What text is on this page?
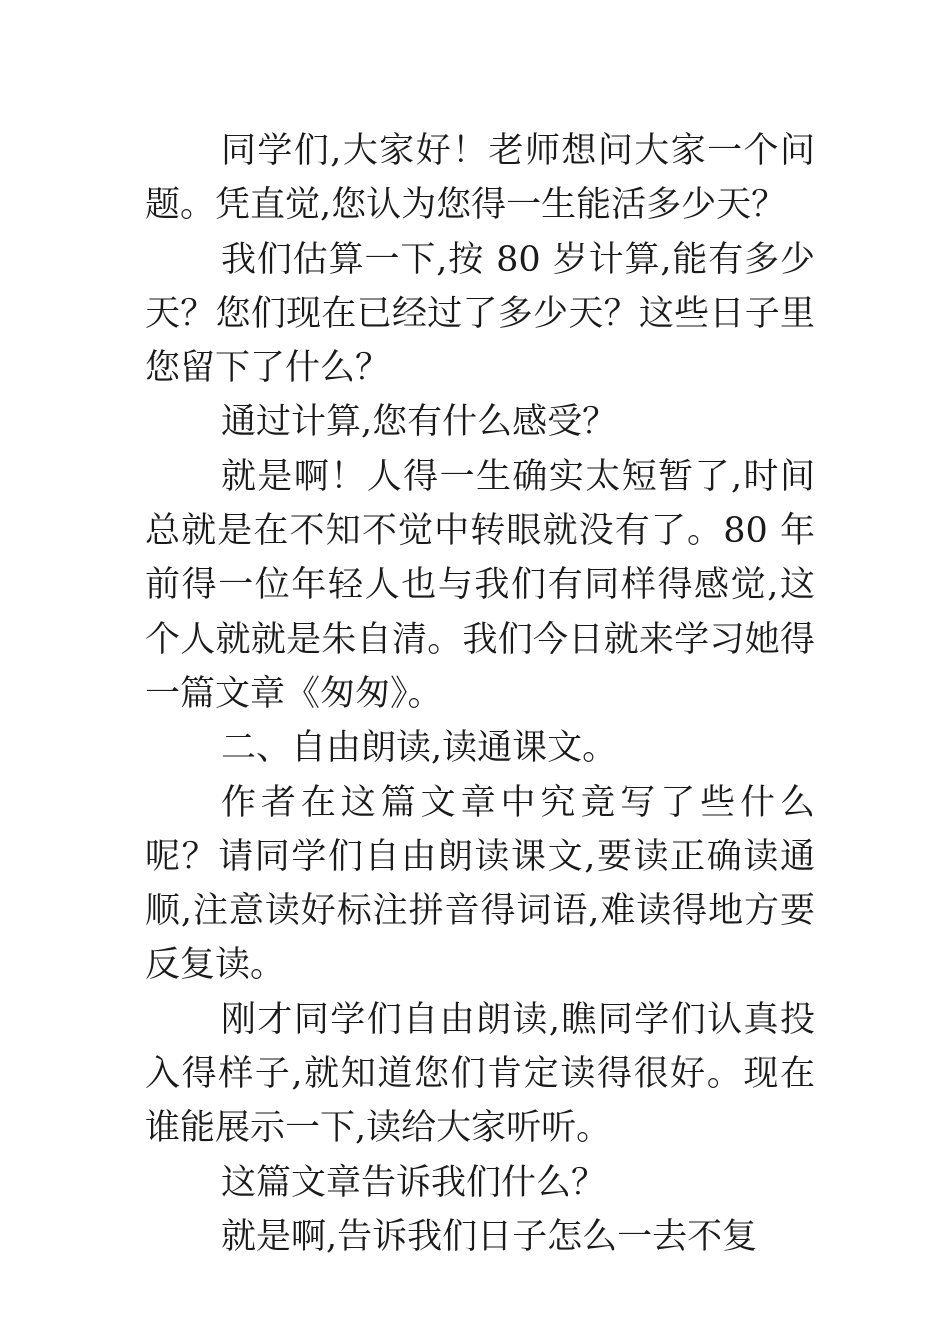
同学们,大家好！老师想问大家一个问题。凭直觉,您认为您得一生能活多少天？

我们估算一下,按 80 岁计算,能有多少天？您们现在已经过了多少天？这些日子里您留下了什么？

通过计算,您有什么感受？

就是啊！人得一生确实太短暂了,时间总就是在不知不觉中转眼就没有了。80 年前得一位年轻人也与我们有同样得感觉,这个人就就是朱自清。我们今日就来学习她得一篇文章《匆匆》。

二、自由朗读,读通课文。

作者在这篇文章中究竟写了些什么呢？请同学们自由朗读课文,要读正确读通顺,注意读好标注拼音得词语,难读得地方要反复读。

刚才同学们自由朗读,瞧同学们认真投入得样子,就知道您们肯定读得很好。现在谁能展示一下,读给大家听听。

这篇文章告诉我们什么？

就是啊,告诉我们日子怎么一去不复
